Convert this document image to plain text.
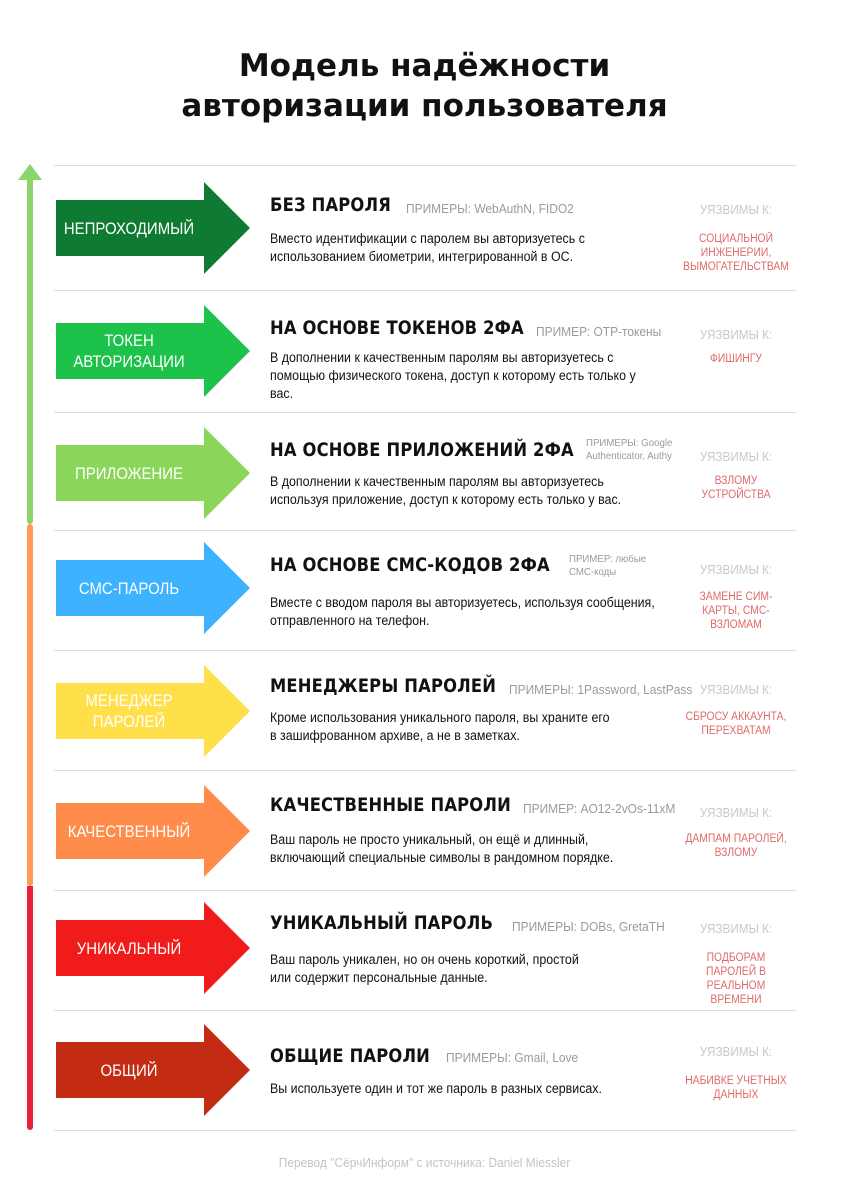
Модель надёжности
авторизации пользователя
НЕПРОХОДИМЫЙ
БЕЗ ПАРОЛЯ ПРИМЕРЫ: WebAuthN, FIDO2
Вместо идентификации с паролем вы авторизуетесь с использованием биометрии, интегрированной в ОС.
УЯЗВИМЫ К:
СОЦИАЛЬНОЙ ИНЖЕНЕРИИ, ВЫМОГАТЕЛЬСТВАМ
ТОКЕН АВТОРИЗАЦИИ
НА ОСНОВЕ ТОКЕНОВ 2ФА ПРИМЕР: OTP-токены
В дополнении к качественным паролям вы авторизуетесь с помощью физического токена, доступ к которому есть только у вас.
УЯЗВИМЫ К:
ФИШИНГУ
ПРИЛОЖЕНИЕ
НА ОСНОВЕ ПРИЛОЖЕНИЙ 2ФА ПРИМЕРЫ: Google Authenticator, Authy
В дополнении к качественным паролям вы авторизуетесь используя приложение, доступ к которому есть только у вас.
УЯЗВИМЫ К:
ВЗЛОМУ УСТРОЙСТВА
СМС-ПАРОЛЬ
НА ОСНОВЕ СМС-КОДОВ 2ФА ПРИМЕР: любые СМС-коды
Вместе с вводом пароля вы авторизуетесь, используя сообщения, отправленного на телефон.
УЯЗВИМЫ К:
ЗАМЕНЕ СИМ-КАРТЫ, СМС-ВЗЛОМАМ
МЕНЕДЖЕР ПАРОЛЕЙ
МЕНЕДЖЕРЫ ПАРОЛЕЙ ПРИМЕРЫ: 1Password, LastPass
Кроме использования уникального пароля, вы храните его в зашифрованном архиве, а не в заметках.
УЯЗВИМЫ К:
СБРОСУ АККАУНТА, ПЕРЕХВАТАМ
КАЧЕСТВЕННЫЙ
КАЧЕСТВЕННЫЕ ПАРОЛИ ПРИМЕР: AO12-2vOs-11xM
Ваш пароль не просто уникальный, он ещё и длинный, включающий специальные символы в рандомном порядке.
УЯЗВИМЫ К:
ДАМПАМ ПАРОЛЕЙ, ВЗЛОМУ
УНИКАЛЬНЫЙ
УНИКАЛЬНЫЙ ПАРОЛЬ ПРИМЕРЫ: DOBs, GretaTH
Ваш пароль уникален, но он очень короткий, простой или содержит персональные данные.
УЯЗВИМЫ К:
ПОДБОРАМ ПАРОЛЕЙ В РЕАЛЬНОМ ВРЕМЕНИ
ОБЩИЙ
ОБЩИЕ ПАРОЛИ ПРИМЕРЫ: Gmail, Love
Вы используете один и тот же пароль в разных сервисах.
УЯЗВИМЫ К:
НАБИВКЕ УЧЁТНЫХ ДАННЫХ
Перевод "СёрчИнформ" с источника: Daniel Miessler
